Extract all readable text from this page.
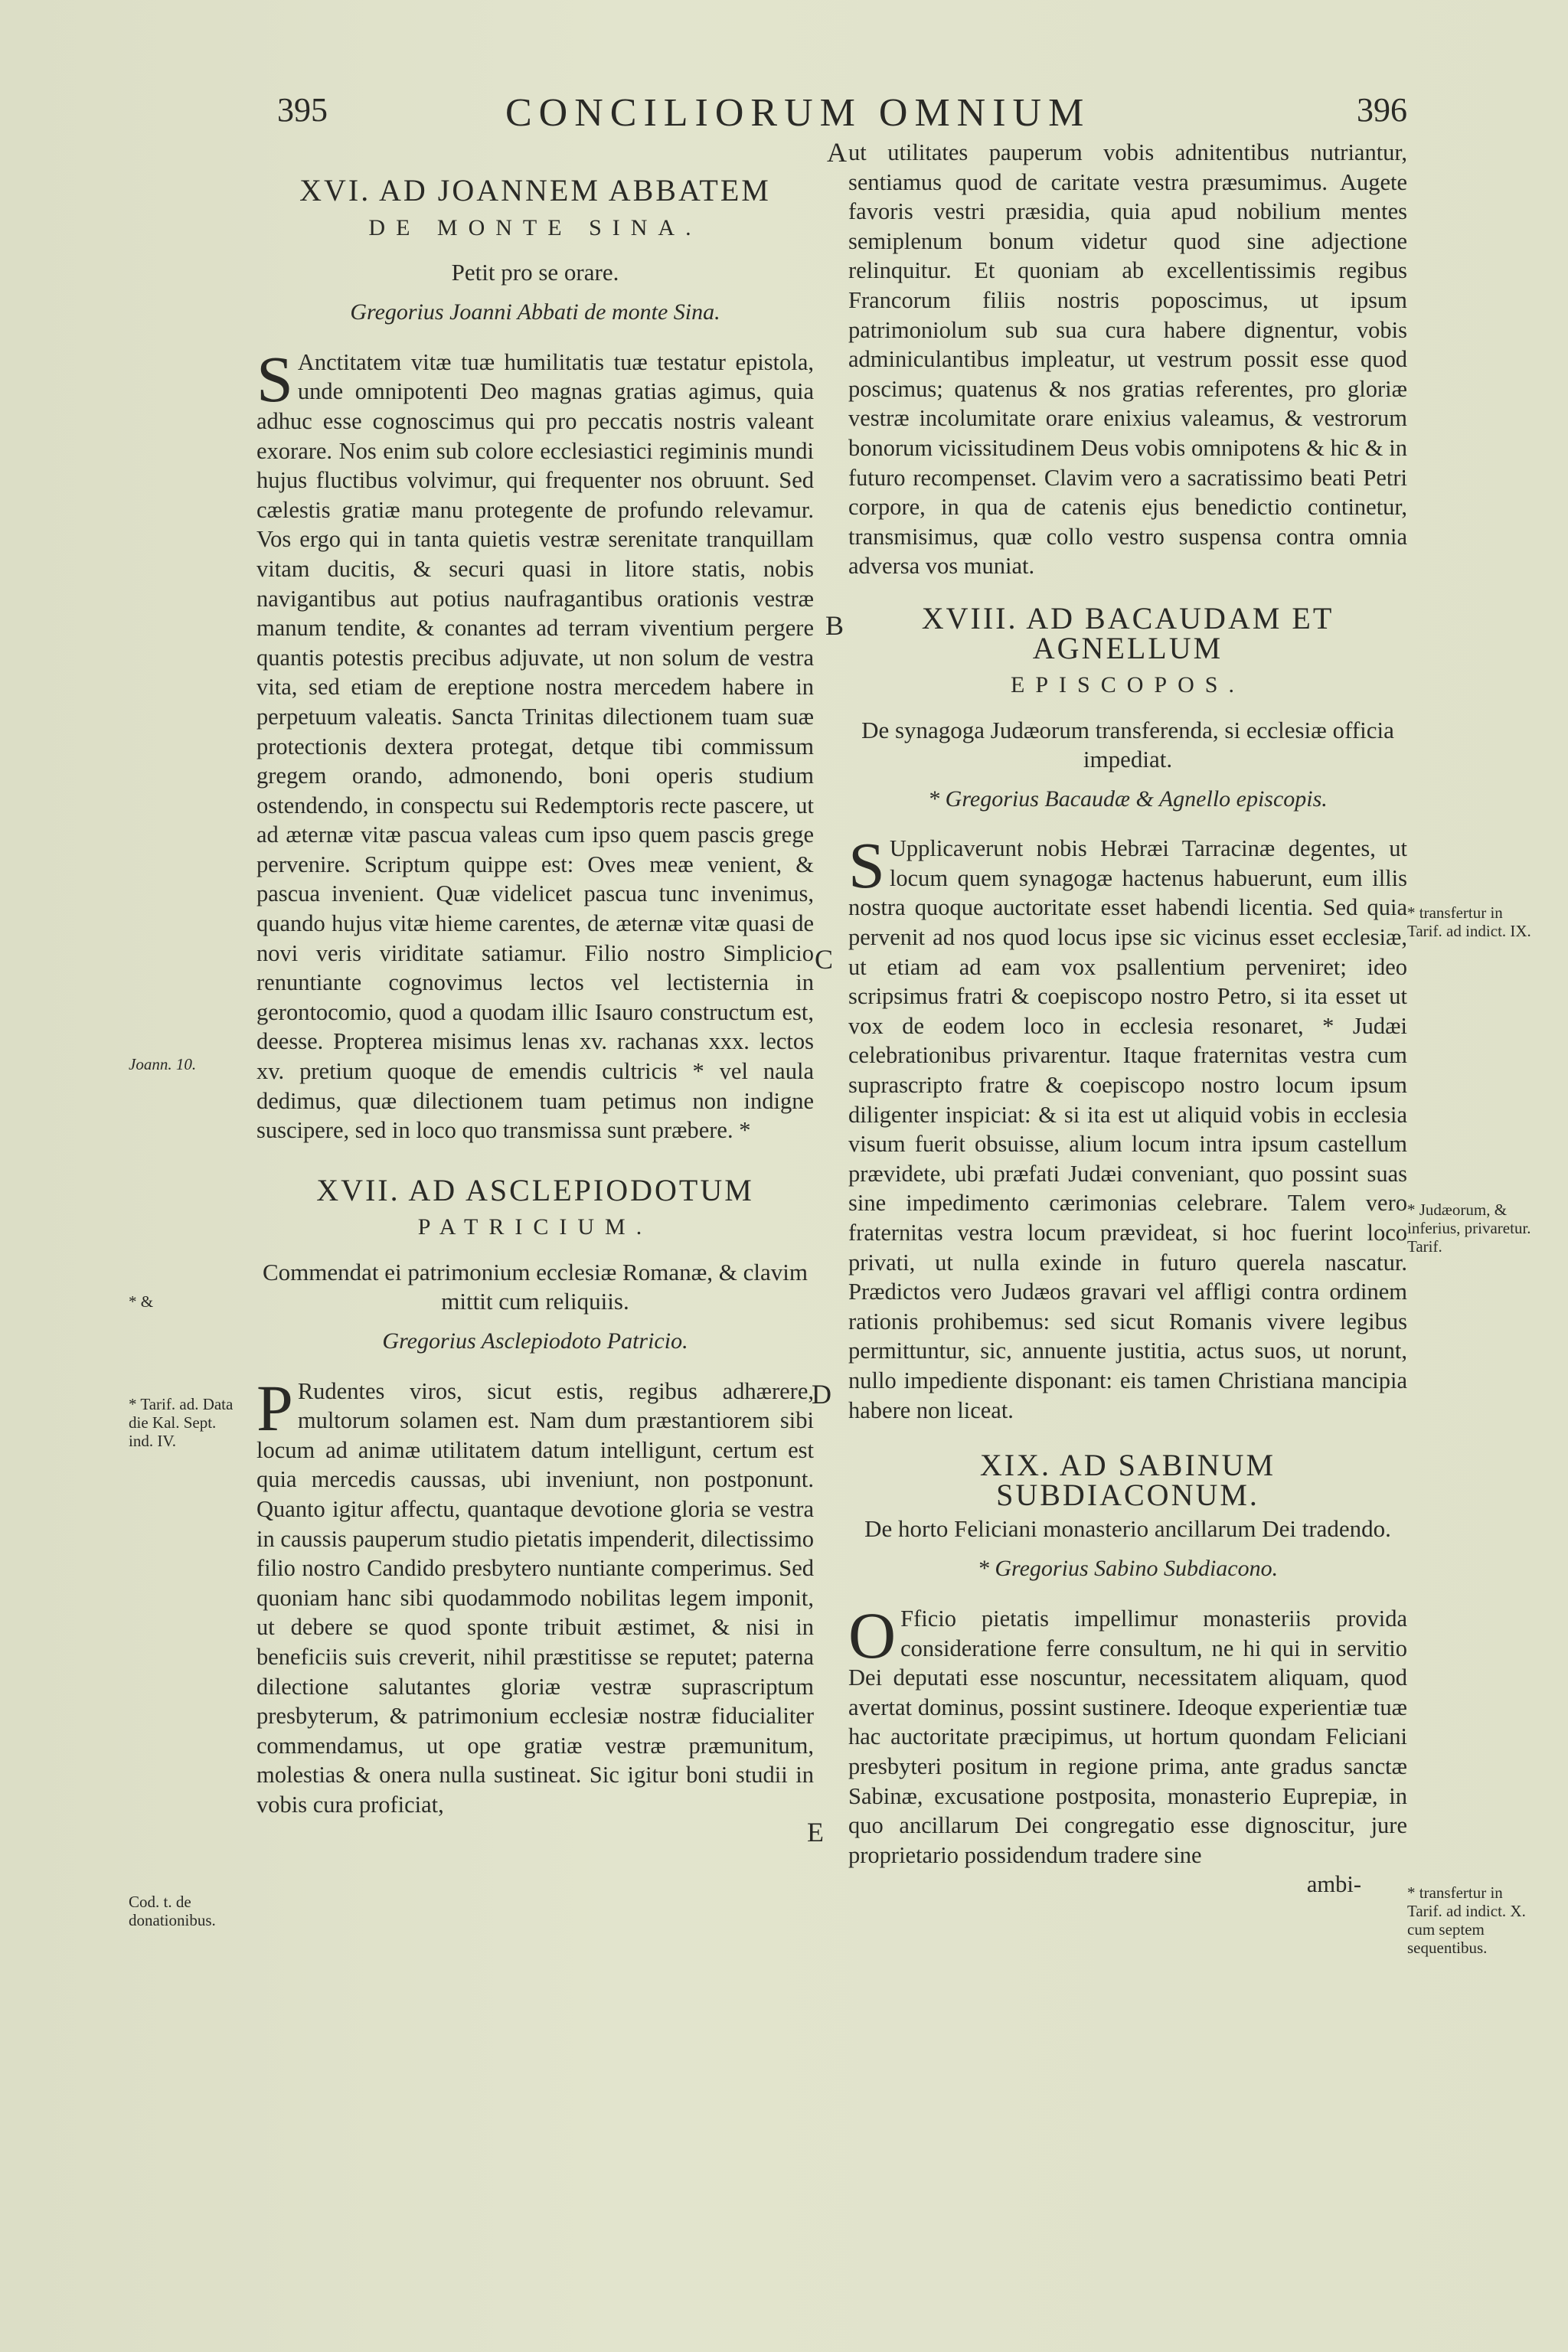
395	CONCILIORUM OMNIUM	396
XVI. AD JOANNEM ABBATEM
DE MONTE SINA.
Petit pro se orare.
Gregorius Joanni Abbati de monte Sina.

S Anctitatem vitæ tuæ humilitatis tuæ testatur epistola, unde omnipotenti Deo magnas gratias agimus, quia adhuc esse cognoscimus qui pro peccatis nostris valeant exorare. Nos enim sub colore ecclesiastici regiminis mundi hujus fluctibus volvimur, qui frequenter nos obruunt. Sed cælestis gratiæ manu protegente de profundo relevamur. Vos ergo qui in tanta quietis vestræ serenitate tranquillam vitam ducitis, & securi quasi in litore statis, nobis navigantibus aut potius naufragantibus orationis vestræ manum tendite, & conantes ad terram viventium pergere quantis potestis precibus adjuvate, ut non solum de vestra vita, sed etiam de ereptione nostra mercedem habere in perpetuum valeatis. Sancta Trinitas dilectionem tuam suæ protectionis dextera protegat, detque tibi commissum gregem orando, admonendo, boni operis studium ostendendo, in conspectu sui Redemptoris recte pascere, ut ad æternæ vitæ pascua valeas cum ipso quem pascis grege pervenire. Scriptum quippe est: Oves meæ venient, & pascua invenient. Quæ videlicet pascua tunc invenimus, quando hujus vitæ hieme carentes, de æternæ vitæ quasi de novi veris viriditate satiamur. Filio nostro Simplicio renuntiante cognovimus lectos vel lectisternia in gerontocomio, quod a quodam illic Isauro constructum est, deesse. Propterea misimus lenas xv. rachanas xxx. lectos xv. pretium quoque de emendis cultricis * vel naula dedimus, quæ dilectionem tuam petimus non indigne suscipere, sed in loco quo transmissa sunt præbere. *

XVII. AD ASCLEPIODOTUM
PATRICIUM.
Commendat ei patrimonium ecclesiæ Romanæ, & clavim mittit cum reliquiis.
Gregorius Asclepiodoto Patricio.

P Rudentes viros, sicut estis, regibus adhærere, multorum solamen est. Nam dum præstantiorem sibi locum ad animæ utilitatem datum intelligunt, certum est quia mercedis caussas, ubi inveniunt, non postponunt. Quanto igitur affectu, quantaque devotione gloria se vestra in caussis pauperum studio pietatis impenderit, dilectissimo filio nostro Candido presbytero nuntiante comperimus. Sed quoniam hanc sibi quodammodo nobilitas legem imponit, ut debere se quod sponte tribuit æstimet, & nisi in beneficiis suis creverit, nihil præstitisse se reputet; paterna dilectione salutantes gloriæ vestræ suprascriptum presbyterum, & patrimonium ecclesiæ nostræ fiducialiter commendamus, ut ope gratiæ vestræ præmunitum, molestias & onera nulla sustineat. Sic igitur boni studii in vobis cura proficiat,

ut utilitates pauperum vobis adnitentibus nutriantur, sentiamus quod de caritate vestra præsumimus. Augete favoris vestri præsidia, quia apud nobilium mentes semiplenum bonum videtur quod sine adjectione relinquitur. Et quoniam ab excellentissimis regibus Francorum filiis nostris poposcimus, ut ipsum patrimoniolum sub sua cura habere dignentur, vobis adminiculantibus impleatur, ut vestrum possit esse quod poscimus; quatenus & nos gratias referentes, pro gloriæ vestræ incolumitate orare enixius valeamus, & vestrorum bonorum vicissitudinem Deus vobis omnipotens & hic & in futuro recompenset. Clavim vero a sacratissimo beati Petri corpore, in qua de catenis ejus benedictio continetur, transmisimus, quæ collo vestro suspensa contra omnia adversa vos muniat.

XVIII. AD BACAUDAM ET AGNELLUM
EPISCOPOS.
De synagoga Judæorum transferenda, si ecclesiæ officia impediat.
* Gregorius Bacaudæ & Agnello episcopis.

S Upplicaverunt nobis Hebræi Tarracinæ degentes, ut locum quem synagogæ hactenus habuerunt, eum illis nostra quoque auctoritate esset habendi licentia. Sed quia pervenit ad nos quod locus ipse sic vicinus esset ecclesiæ, ut etiam ad eam vox psallentium perveniret; ideo scripsimus fratri & coepiscopo nostro Petro, si ita esset ut vox de eodem loco in ecclesia resonaret, * Judæi celebrationibus privarentur. Itaque fraternitas vestra cum suprascripto fratre & coepiscopo nostro locum ipsum diligenter inspiciat: & si ita est ut aliquid vobis in ecclesia visum fuerit obsuisse, alium locum intra ipsum castellum prævidete, ubi præfati Judæi conveniant, quo possint suas sine impedimento cærimonias celebrare. Talem vero fraternitas vestra locum prævideat, si hoc fuerint loco privati, ut nulla exinde in futuro querela nascatur. Prædictos vero Judæos gravari vel affligi contra ordinem rationis prohibemus: sed sicut Romanis vivere legibus permittuntur, sic, annuente justitia, actus suos, ut norunt, nullo impediente disponant: eis tamen Christiana mancipia habere non liceat.

XIX. AD SABINUM SUBDIACONUM.
De horto Feliciani monasterio ancillarum Dei tradendo.
* Gregorius Sabino Subdiacono.

O Fficio pietatis impellimur monasteriis provida consideratione ferre consultum, ne hi qui in servitio Dei deputati esse noscuntur, necessitatem aliquam, quod avertat dominus, possint sustinere. Ideoque experientiæ tuæ hac auctoritate præcipimus, ut hortum quondam Feliciani presbyteri positum in regione prima, ante gradus sanctæ Sabinæ, excusatione postposita, monasterio Euprepiæ, in quo ancillarum Dei congregatio esse dignoscitur, jure proprietario possidendum tradere sine

ambi-
A
B
C
D
E
Joann. 10.
* &
* Tarif. ad. Data die Kal. Sept. ind. IV.
Cod. t. de donationibus.
* transfertur in Tarif. ad indict. IX.
* Judæorum, & inferius, privaretur. Tarif.
* transfertur in Tarif. ad indict. X. cum septem sequentibus.
